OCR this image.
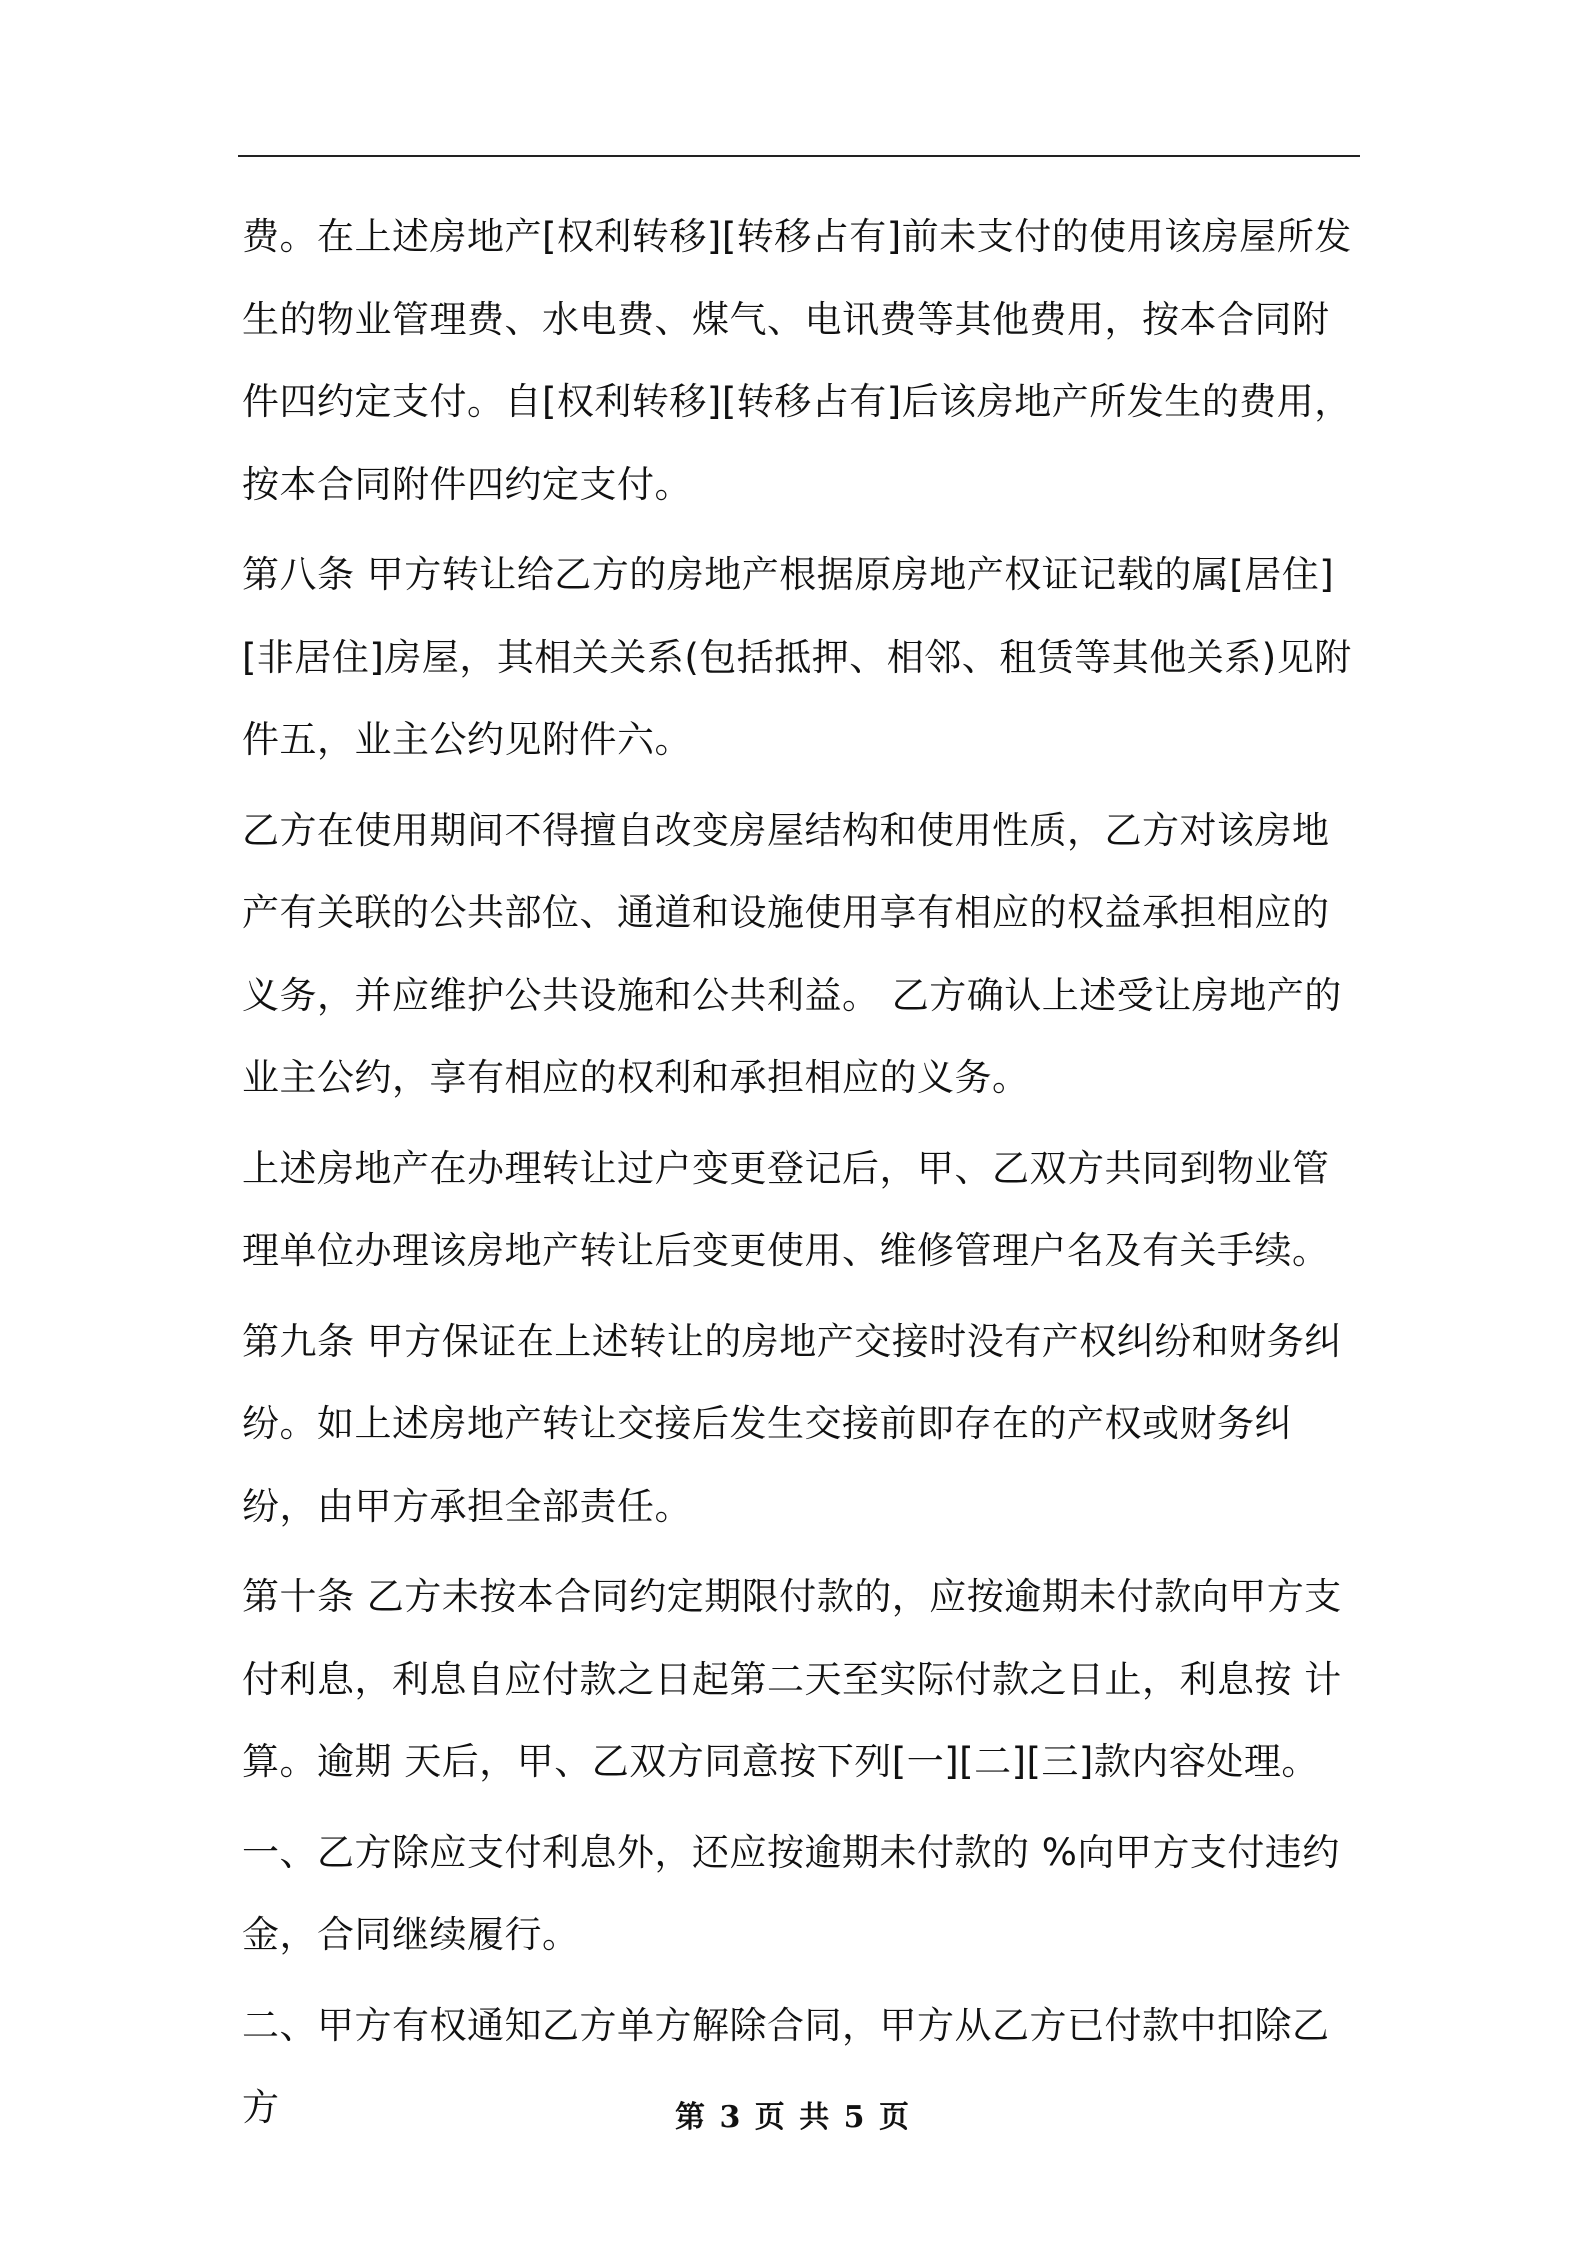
费。在上述房地产[权利转移][转移占有]前未支付的使用该房屋所发生的物业管理费、水电费、煤气、电讯费等其他费用，按本合同附件四约定支付。自[权利转移][转移占有]后该房地产所发生的费用，按本合同附件四约定支付。

第八条 甲方转让给乙方的房地产根据原房地产权证记载的属[居住][非居住]房屋，其相关关系(包括抵押、相邻、租赁等其他关系)见附件五，业主公约见附件六。

乙方在使用期间不得擅自改变房屋结构和使用性质，乙方对该房地产有关联的公共部位、通道和设施使用享有相应的权益承担相应的义务，并应维护公共设施和公共利益。 乙方确认上述受让房地产的业主公约，享有相应的权利和承担相应的义务。

上述房地产在办理转让过户变更登记后，甲、乙双方共同到物业管理单位办理该房地产转让后变更使用、维修管理户名及有关手续。

第九条 甲方保证在上述转让的房地产交接时没有产权纠纷和财务纠纷。如上述房地产转让交接后发生交接前即存在的产权或财务纠纷，由甲方承担全部责任。

第十条 乙方未按本合同约定期限付款的，应按逾期未付款向甲方支付利息，利息自应付款之日起第二天至实际付款之日止，利息按 计算。逾期 天后，甲、乙双方同意按下列[一][二][三]款内容处理。

一、乙方除应支付利息外，还应按逾期未付款的 %向甲方支付违约金，合同继续履行。

二、甲方有权通知乙方单方解除合同，甲方从乙方已付款中扣除乙方	第 3 页 共 5 页
